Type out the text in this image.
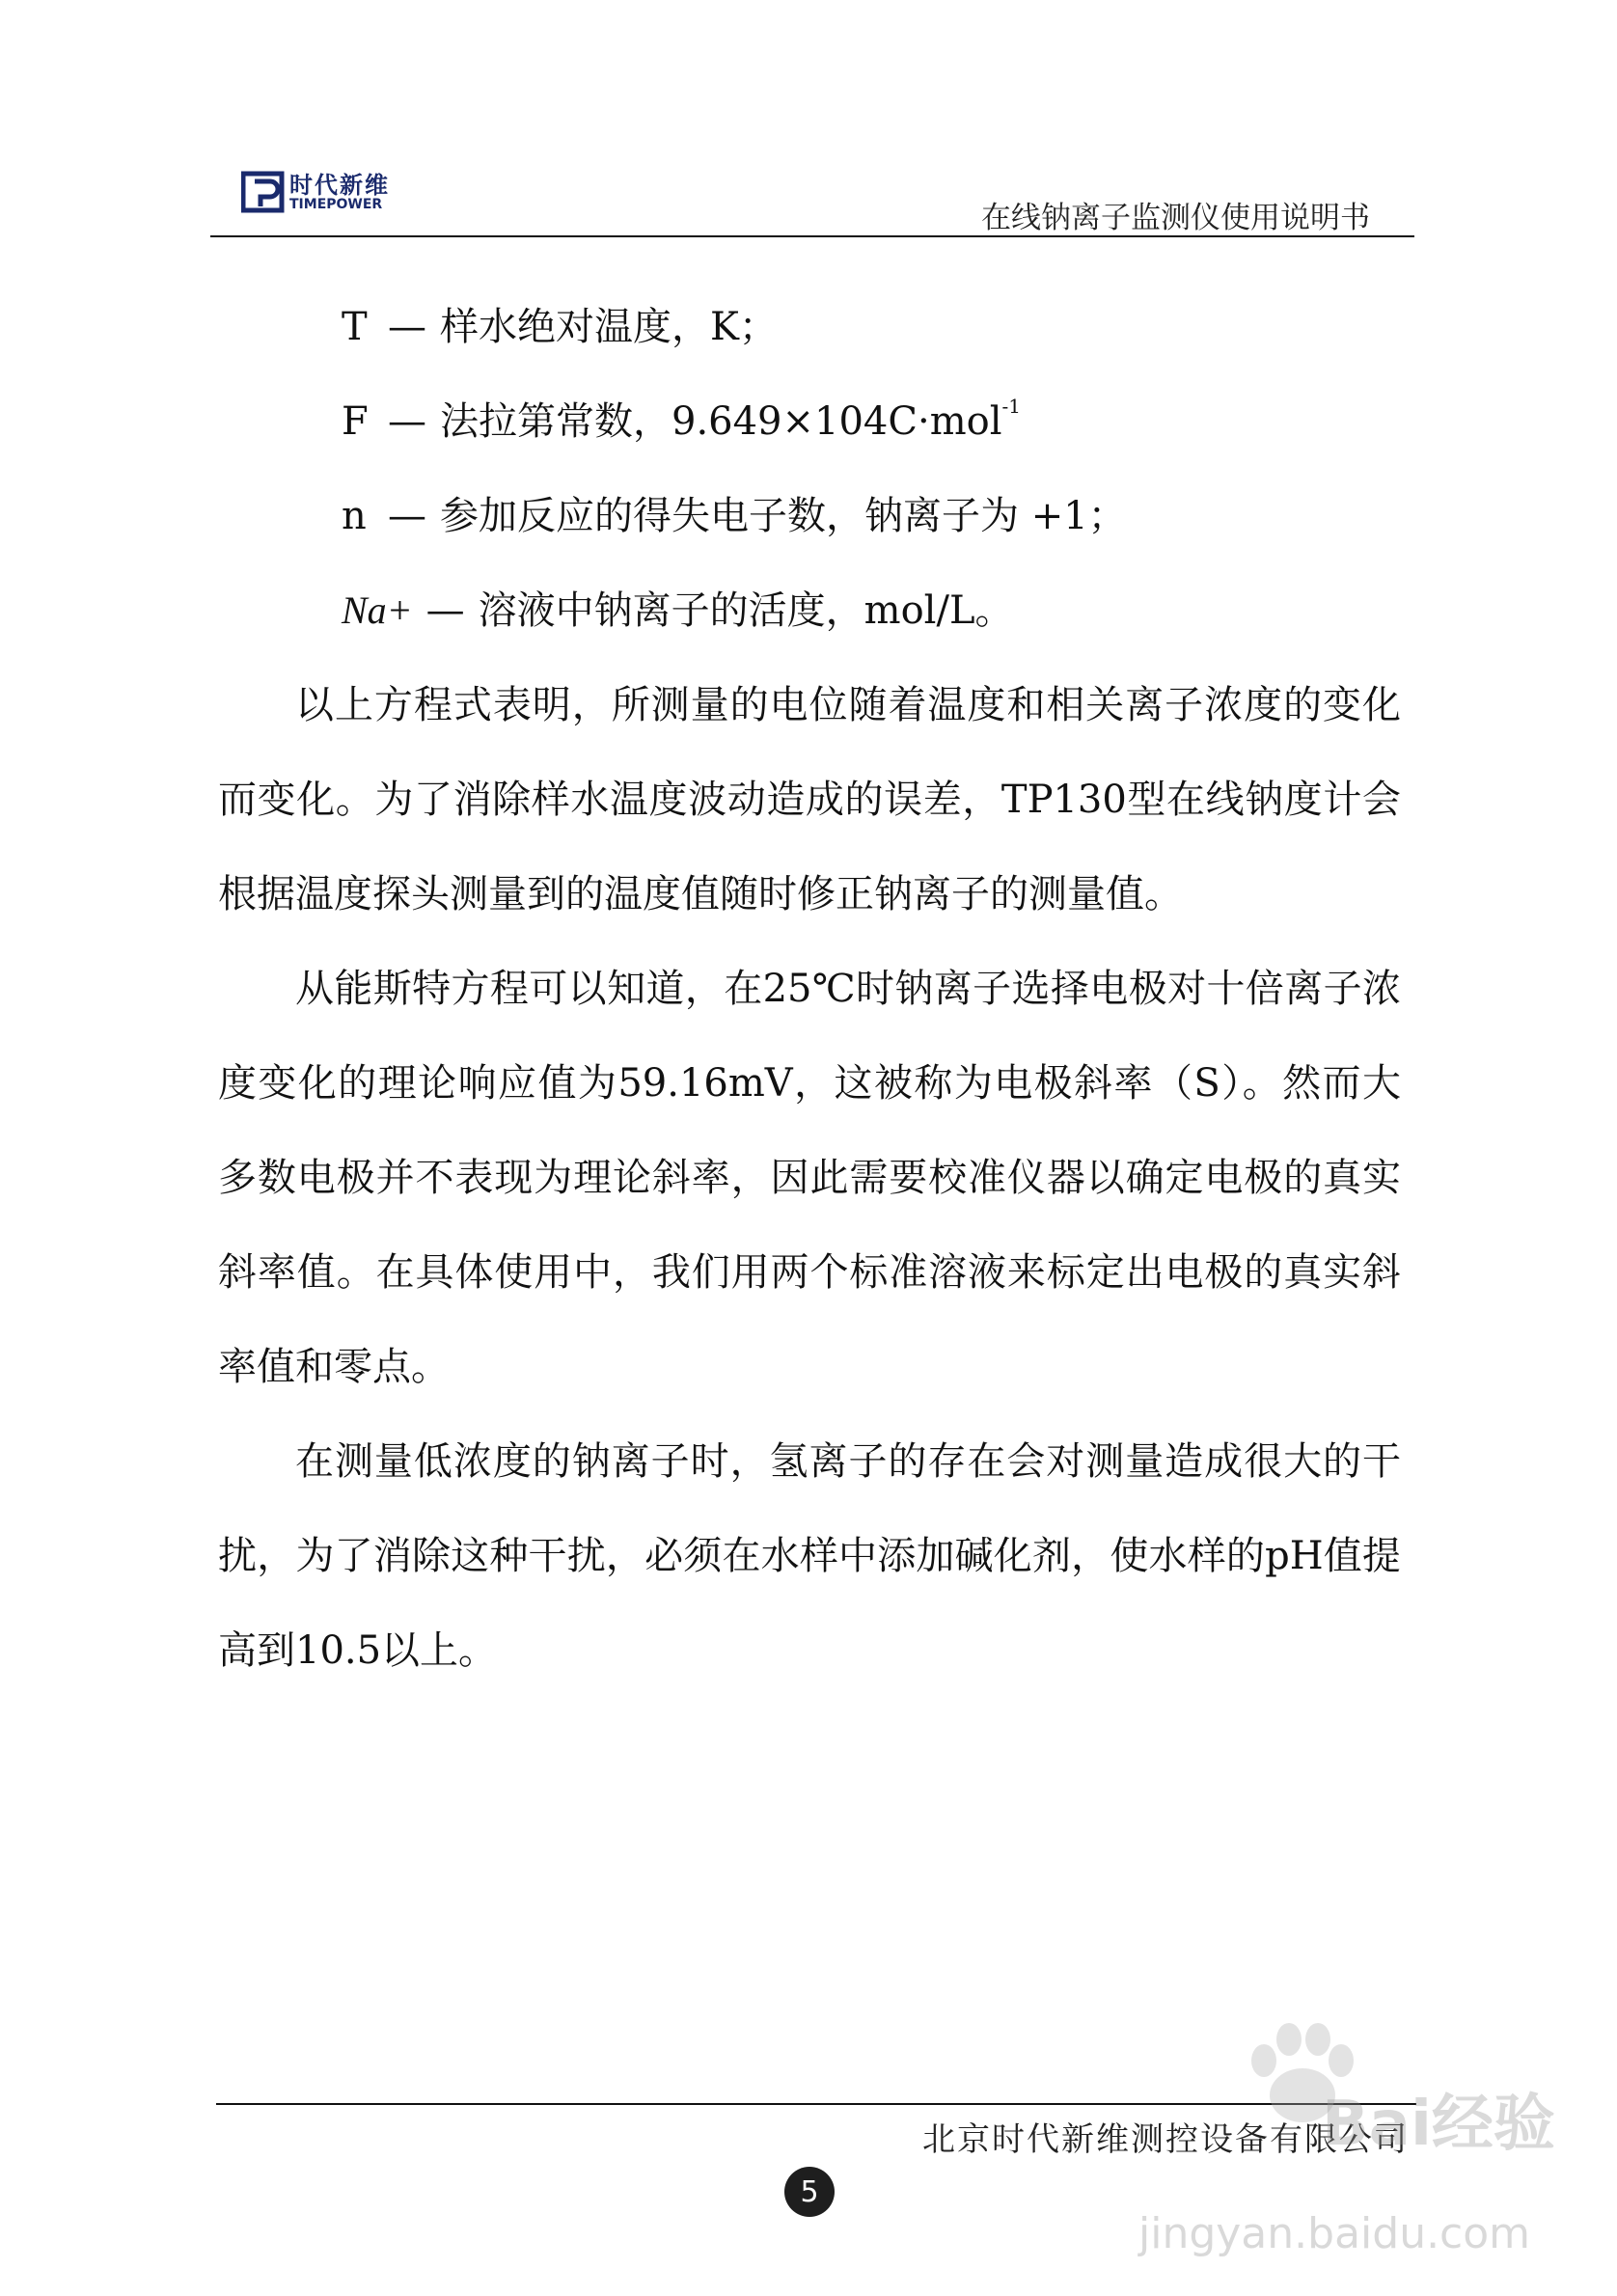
时代新维
TIMEPOWER	在线钠离子监测仪使用说明书
T — 样水绝对温度，K；
F — 法拉第常数，9.649×104C·mol$^{-1}$
n — 参加反应的得失电子数，钠离子为 +1；
Na+ — 溶液中钠离子的活度，mol/L。

以上方程式表明，所测量的电位随着温度和相关离子浓度的变化而变化。为了消除样水温度波动造成的误差，TP130型在线钠度计会根据温度探头测量到的温度值随时修正钠离子的测量值。

从能斯特方程可以知道，在25℃时钠离子选择电极对十倍离子浓度变化的理论响应值为59.16mV，这被称为电极斜率（S）。然而大多数电极并不表现为理论斜率，因此需要校准仪器以确定电极的真实斜率值。在具体使用中，我们用两个标准溶液来标定出电极的真实斜率值和零点。

在测量低浓度的钠离子时，氢离子的存在会对测量造成很大的干扰，为了消除这种干扰，必须在水样中添加碱化剂，使水样的pH值提高到10.5以上。

北京时代新维测控设备有限公司
5
Bai经验
jingyan.baidu.com
